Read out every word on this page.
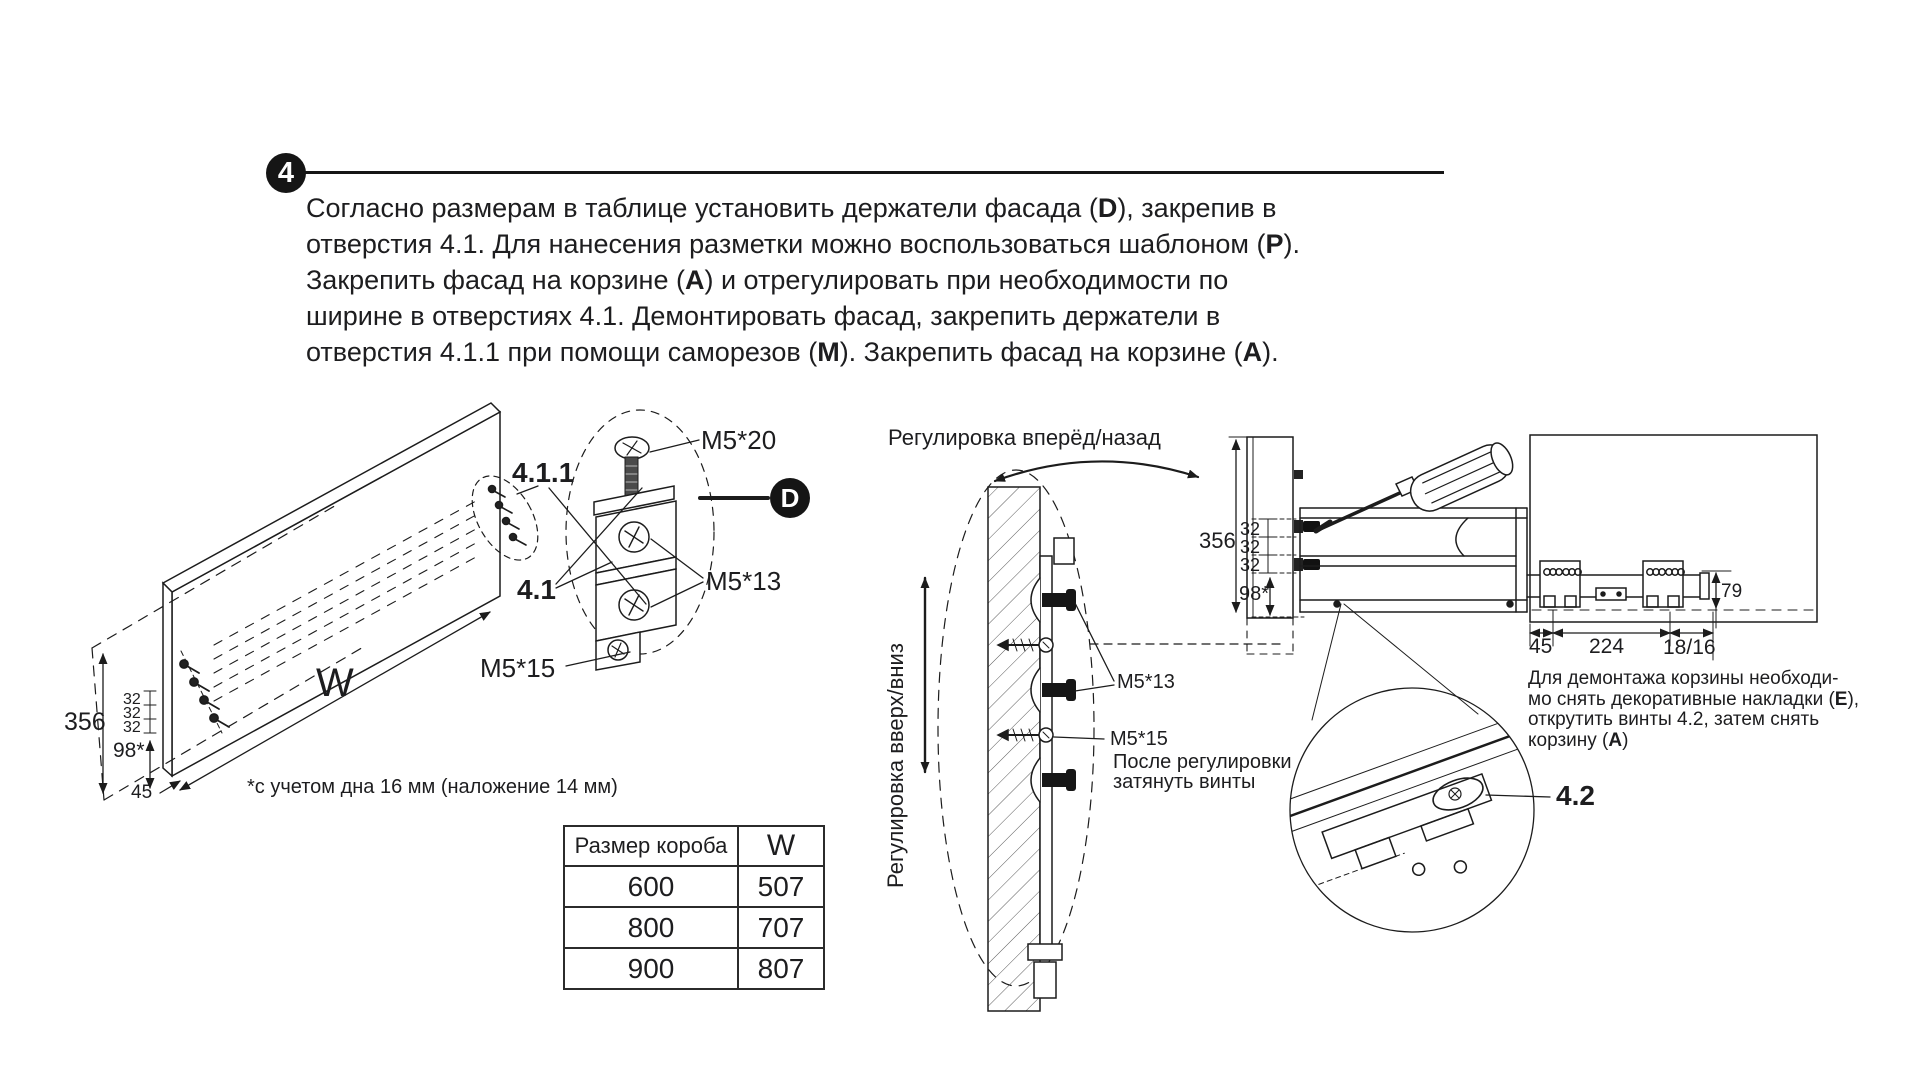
4
Согласно размерам в таблице установить держатели фасада (D), закрепив в
отверстия 4.1. Для нанесения разметки можно воспользоваться шаблоном (P).
Закрепить фасад на корзине (A) и отрегулировать при необходимости по
ширине в отверстиях 4.1. Демонтировать фасад, закрепить держатели в
отверстия 4.1.1 при помощи саморезов (M). Закрепить фасад на корзине (A).
356
32
32
32
98*
45
W
4.1.1
4.1
M5*20
D
M5*13
M5*15
*с учетом дна 16 мм (наложение 14 мм)
Размер короба	W
600	507
800	707
900	807
Регулировка вперёд/назад
Регулировка вверх/вниз	M5*13
M5*15
После регулировки
затянуть винты
356 32
32
32
98*	79
45 224 18/16
Для демонтажа корзины необходи-
мо снять декоративные накладки (E),
открутить винты 4.2, затем снять
корзину (A)
4.2
